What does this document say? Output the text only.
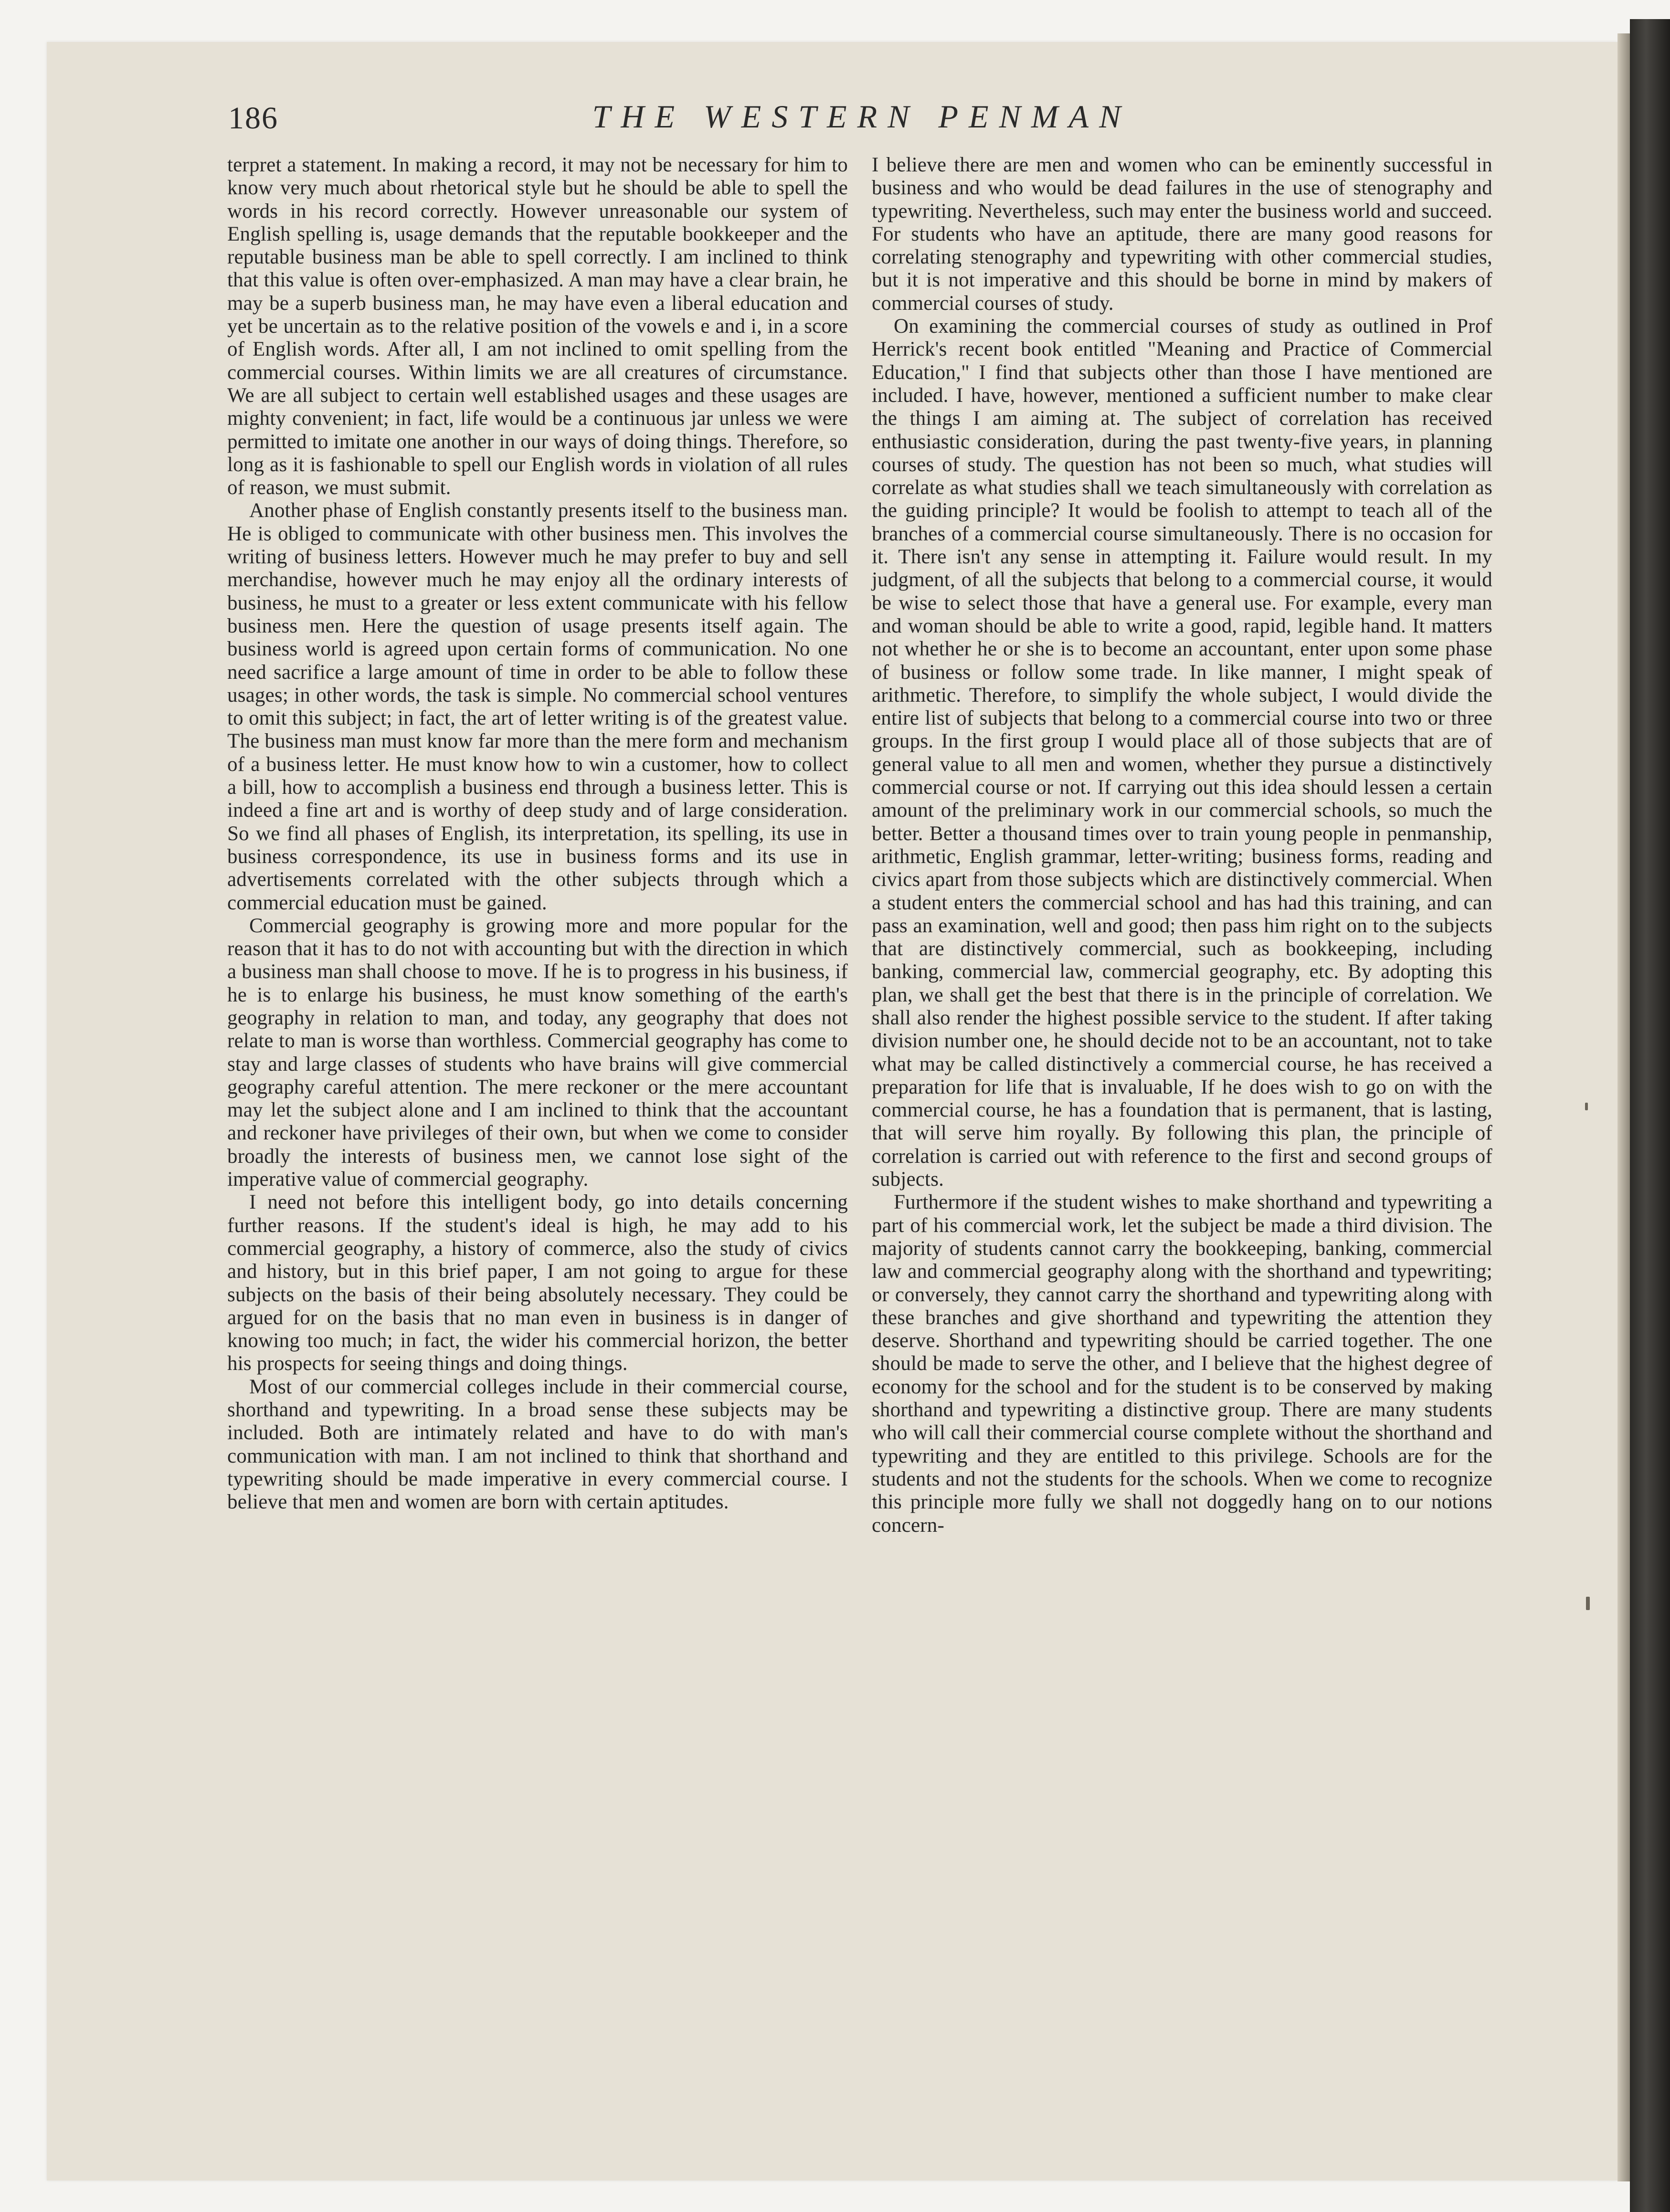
186	THE WESTERN PENMAN

terpret a statement. In making a record, it may not be necessary for him to know very much about rhetorical style but he should be able to spell the words in his record correctly. However unreasonable our system of English spelling is, usage demands that the reputable bookkeeper and the reputable business man be able to spell correctly. I am inclined to think that this value is often over-emphasized. A man may have a clear brain, he may be a superb business man, he may have even a liberal education and yet be uncertain as to the relative position of the vowels e and i, in a score of English words. After all, I am not inclined to omit spelling from the commercial courses. Within limits we are all creatures of circumstance. We are all subject to certain well established usages and these usages are mighty convenient; in fact, life would be a continuous jar unless we were permitted to imitate one another in our ways of doing things. Therefore, so long as it is fashionable to spell our English words in violation of all rules of reason, we must submit.

Another phase of English constantly presents itself to the business man. He is obliged to communicate with other business men. This involves the writing of business letters. However much he may prefer to buy and sell merchandise, however much he may enjoy all the ordinary interests of business, he must to a greater or less extent communicate with his fellow business men. Here the question of usage presents itself again. The business world is agreed upon certain forms of communication. No one need sacrifice a large amount of time in order to be able to follow these usages; in other words, the task is simple. No commercial school ventures to omit this subject; in fact, the art of letter writing is of the greatest value. The business man must know far more than the mere form and mechanism of a business letter. He must know how to win a customer, how to collect a bill, how to accomplish a business end through a business letter. This is indeed a fine art and is worthy of deep study and of large consideration. So we find all phases of English, its interpretation, its spelling, its use in business correspondence, its use in business forms and its use in advertisements correlated with the other subjects through which a commercial education must be gained.

Commercial geography is growing more and more popular for the reason that it has to do not with accounting but with the direction in which a business man shall choose to move. If he is to progress in his business, if he is to enlarge his business, he must know something of the earth's geography in relation to man, and today, any geography that does not relate to man is worse than worthless. Commercial geography has come to stay and large classes of students who have brains will give commercial geography careful attention. The mere reckoner or the mere accountant may let the subject alone and I am inclined to think that the accountant and reckoner have privileges of their own, but when we come to consider broadly the interests of business men, we cannot lose sight of the imperative value of commercial geography.

I need not before this intelligent body, go into details concerning further reasons. If the student's ideal is high, he may add to his commercial geography, a history of commerce, also the study of civics and history, but in this brief paper, I am not going to argue for these subjects on the basis of their being absolutely necessary. They could be argued for on the basis that no man even in business is in danger of knowing too much; in fact, the wider his commercial horizon, the better his prospects for seeing things and doing things.

Most of our commercial colleges include in their commercial course, shorthand and typewriting. In a broad sense these subjects may be included. Both are intimately related and have to do with man's communication with man. I am not inclined to think that shorthand and typewriting should be made imperative in every commercial course. I believe that men and women are born with certain aptitudes.

I believe there are men and women who can be eminently successful in business and who would be dead failures in the use of stenography and typewriting. Nevertheless, such may enter the business world and succeed. For students who have an aptitude, there are many good reasons for correlating stenography and typewriting with other commercial studies, but it is not imperative and this should be borne in mind by makers of commercial courses of study.

On examining the commercial courses of study as outlined in Prof Herrick's recent book entitled "Meaning and Practice of Commercial Education," I find that subjects other than those I have mentioned are included. I have, however, mentioned a sufficient number to make clear the things I am aiming at. The subject of correlation has received enthusiastic consideration, during the past twenty-five years, in planning courses of study. The question has not been so much, what studies will correlate as what studies shall we teach simultaneously with correlation as the guiding principle? It would be foolish to attempt to teach all of the branches of a commercial course simultaneously. There is no occasion for it. There isn't any sense in attempting it. Failure would result. In my judgment, of all the subjects that belong to a commercial course, it would be wise to select those that have a general use. For example, every man and woman should be able to write a good, rapid, legible hand. It matters not whether he or she is to become an accountant, enter upon some phase of business or follow some trade. In like manner, I might speak of arithmetic. Therefore, to simplify the whole subject, I would divide the entire list of subjects that belong to a commercial course into two or three groups. In the first group I would place all of those subjects that are of general value to all men and women, whether they pursue a distinctively commercial course or not. If carrying out this idea should lessen a certain amount of the preliminary work in our commercial schools, so much the better. Better a thousand times over to train young people in penmanship, arithmetic, English grammar, letter-writing; business forms, reading and civics apart from those subjects which are distinctively commercial. When a student enters the commercial school and has had this training, and can pass an examination, well and good; then pass him right on to the subjects that are distinctively commercial, such as bookkeeping, including banking, commercial law, commercial geography, etc. By adopting this plan, we shall get the best that there is in the principle of correlation. We shall also render the highest possible service to the student. If after taking division number one, he should decide not to be an accountant, not to take what may be called distinctively a commercial course, he has received a preparation for life that is invaluable, If he does wish to go on with the commercial course, he has a foundation that is permanent, that is lasting, that will serve him royally. By following this plan, the principle of correlation is carried out with reference to the first and second groups of subjects.

Furthermore if the student wishes to make shorthand and typewriting a part of his commercial work, let the subject be made a third division. The majority of students cannot carry the bookkeeping, banking, commercial law and commercial geography along with the shorthand and typewriting; or conversely, they cannot carry the shorthand and typewriting along with these branches and give shorthand and typewriting the attention they deserve. Shorthand and typewriting should be carried together. The one should be made to serve the other, and I believe that the highest degree of economy for the school and for the student is to be conserved by making shorthand and typewriting a distinctive group. There are many students who will call their commercial course complete without the shorthand and typewriting and they are entitled to this privilege. Schools are for the students and not the students for the schools. When we come to recognize this principle more fully we shall not doggedly hang on to our notions concern-
